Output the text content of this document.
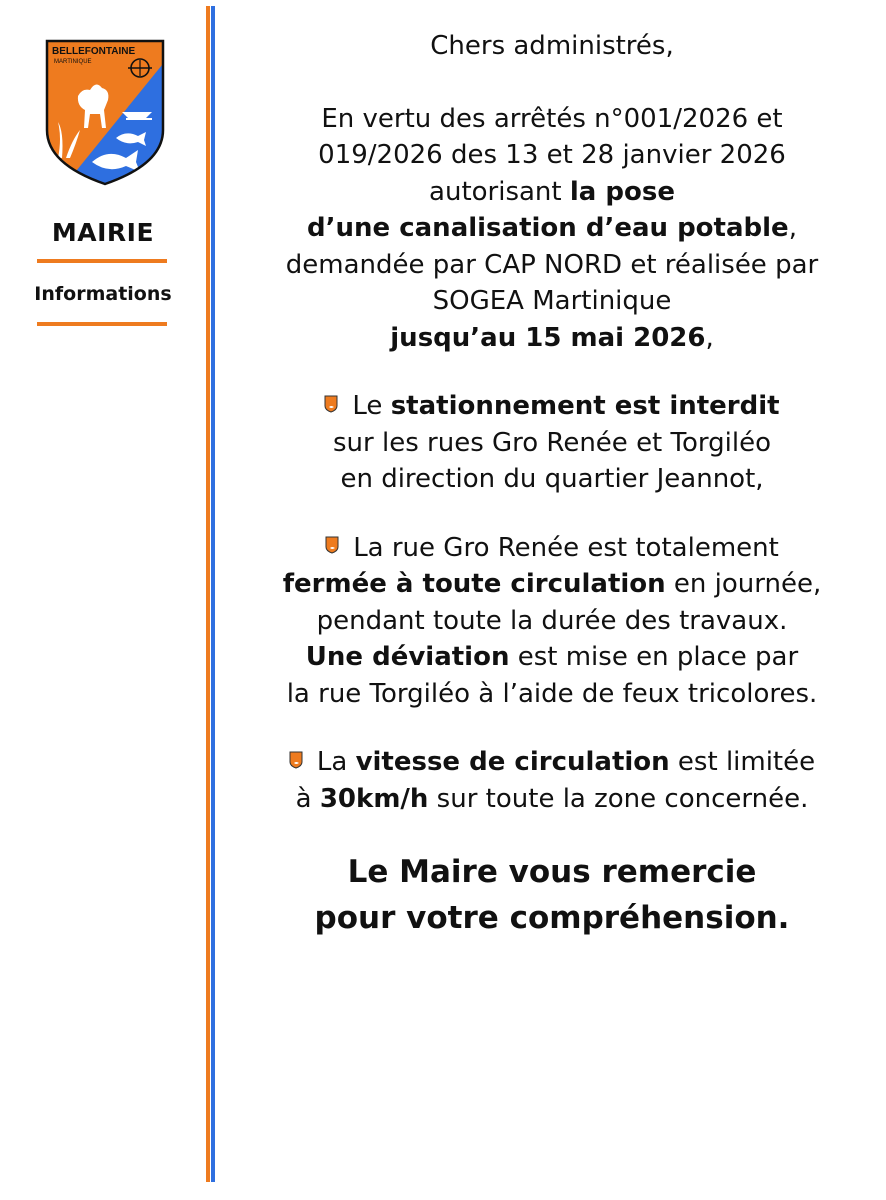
BELLEFONTAINE
MARTINIQUE
MAIRIE
Informations

Chers administrés,

En vertu des arrêtés n°001/2026 et

019/2026 des 13 et 28 janvier 2026

autorisant la pose

d’une canalisation d’eau potable,

demandée par CAP NORD et réalisée par

SOGEA Martinique

jusqu’au 15 mai 2026,

Le stationnement est interdit

sur les rues Gro Renée et Torgiléo

en direction du quartier Jeannot,

La rue Gro Renée est totalement

fermée à toute circulation en journée,

pendant toute la durée des travaux.

Une déviation est mise en place par

la rue Torgiléo à l’aide de feux tricolores.

La vitesse de circulation est limitée

à 30km/h sur toute la zone concernée.

Le Maire vous remercie

pour votre compréhension.
